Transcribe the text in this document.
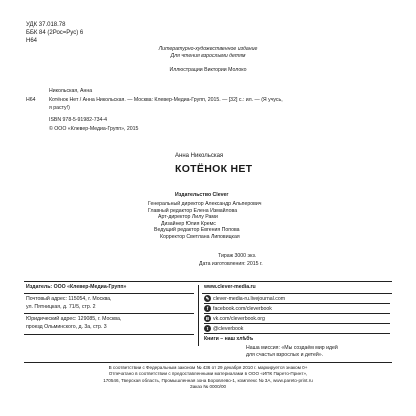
УДК 37.018.78
ББК 84 (2Рос=Рус) 6
Н64
Литературно-художественное издание
Для чтения взрослыми детям
Иллюстрации Виктории Молоко
Никольская, Анна
Н64	Котёнок Нет / Анна Никольская. — Москва: Клевер-Медиа-Групп, 2015. — [32] с.: ил. — (Я учусь,
я расту!)
ISBN 978-5-91982-734-4
© ООО «Клевер-Медиа-Групп», 2015
Анна Никольская
КОТЁНОК НЕТ
Издательство Clever
Генеральный директор Александр Альперович
Главный редактор Елена Измайлова
Арт-директор Лилу Рами
Дизайнер Юлия Кремс
Ведущий редактор Евгения Попова
Корректор Светлана Липовицкая
Тираж 3000 экз.
Дата изготовления: 2015 г.
Издатель: ООО «Клевер-Медиа-Групп»
Почтовый адрес: 115054, г. Москва,
ул. Пятницкая, д. 71/5, стр. 2
Юридический адрес: 129085, г. Москва,
проезд Ольминского, д. 3а, стр. 3
www.clever-media.ru
✎ clever-media-ru.livejournal.com
f facebook.com/cleverbook
B vk.com/cleverbook.org
t @cleverbook
Книги – наш хлѣбъ
Наша миссия: «Мы создаём мир идей
для счастья взрослых и детей».
В соответствии с Федеральным законом № 436 от 29 декабря 2010 г. маркируется знаком 0+
Отпечатано в соответствии с предоставленными материалами в ООО «ИПК Парето-Принт»,
170546, Тверская область, Промышленная зона Боровлево-1, комплекс № 3А, www.pareto-print.ru
Заказ № 0000/00
